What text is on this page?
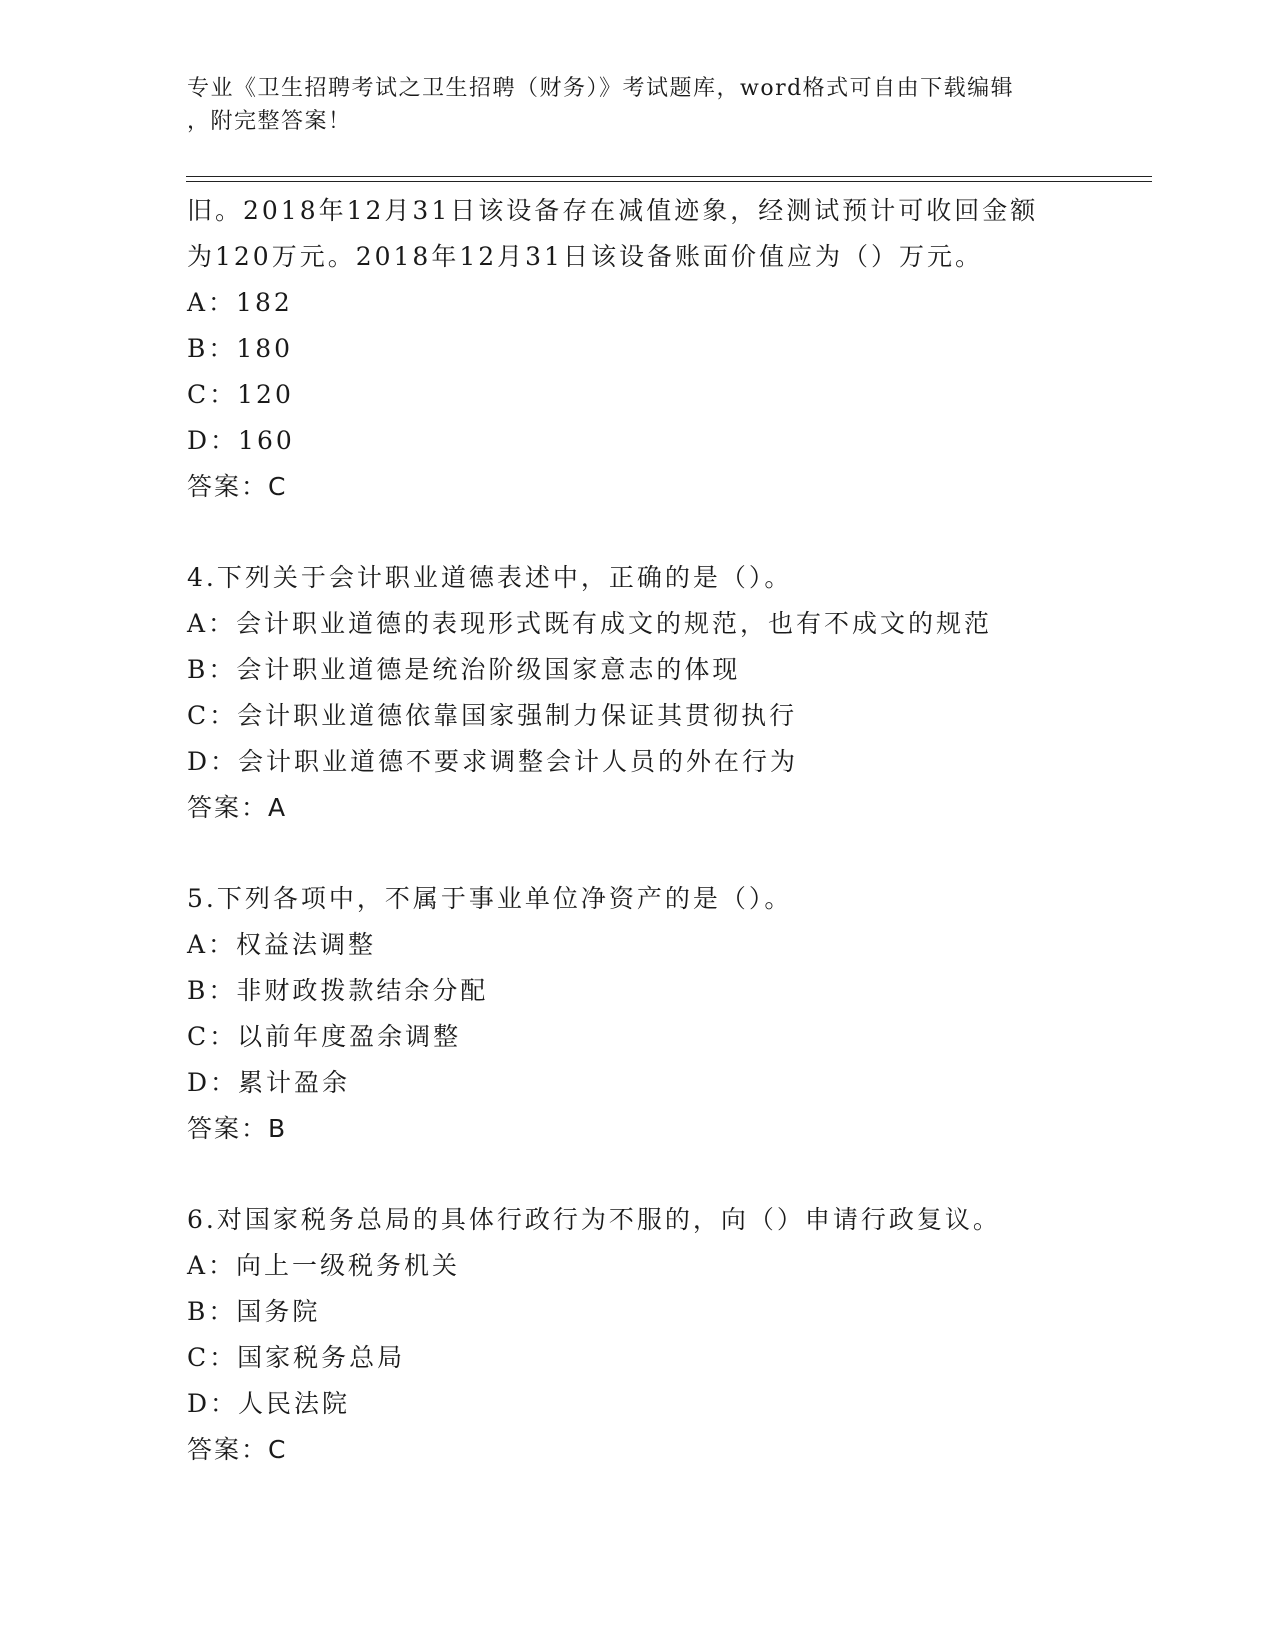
专业《卫生招聘考试之卫生招聘（财务）》考试题库，word格式可自由下载编辑
，附完整答案！
旧。2018年12月31日该设备存在减值迹象，经测试预计可收回金额
为120万元。2018年12月31日该设备账面价值应为（）万元。
A：182
B：180
C：120
D：160
答案：C
4.下列关于会计职业道德表述中，正确的是（）。
A：会计职业道德的表现形式既有成文的规范，也有不成文的规范
B：会计职业道德是统治阶级国家意志的体现
C：会计职业道德依靠国家强制力保证其贯彻执行
D：会计职业道德不要求调整会计人员的外在行为
答案：A
5.下列各项中，不属于事业单位净资产的是（）。
A：权益法调整
B：非财政拨款结余分配
C：以前年度盈余调整
D：累计盈余
答案：B
6.对国家税务总局的具体行政行为不服的，向（）申请行政复议。
A：向上一级税务机关
B：国务院
C：国家税务总局
D：人民法院
答案：C
